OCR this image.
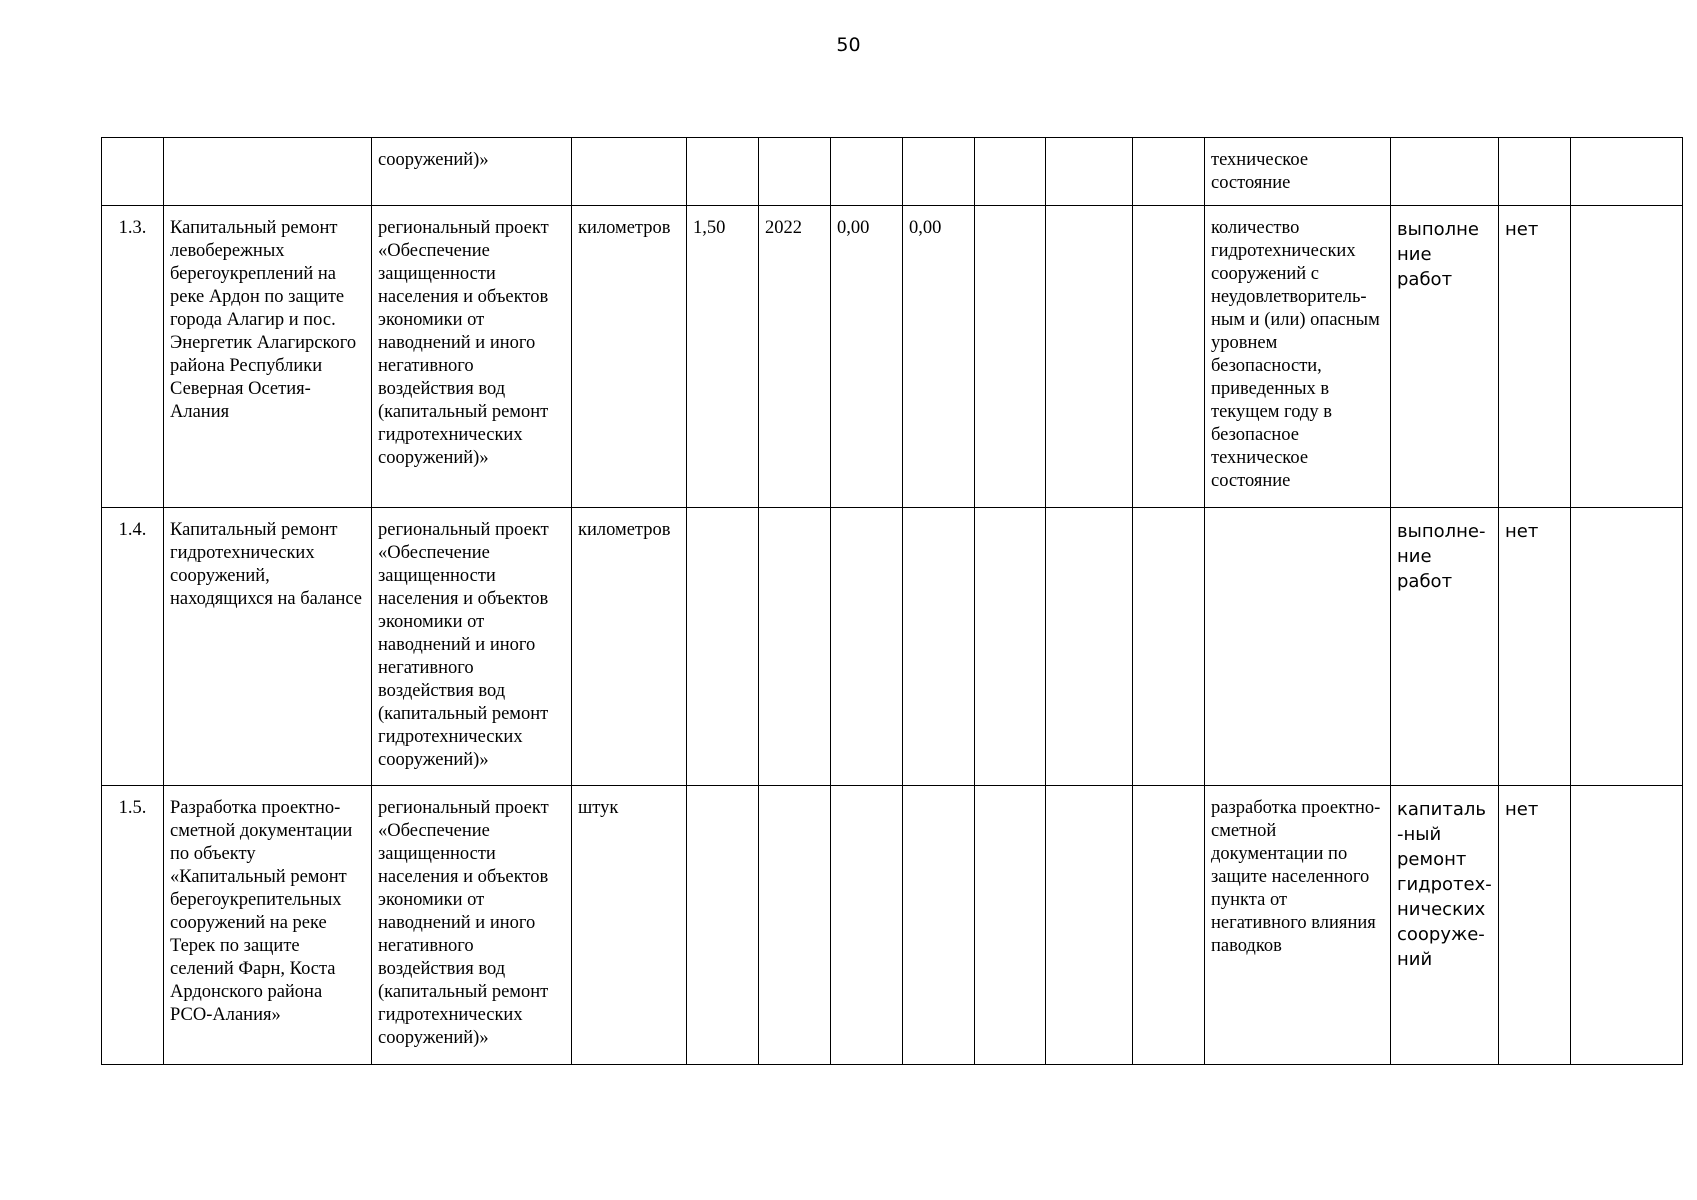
50
		сооружений)»									техническое
состояние			
1.3.	Капитальный ремонт левобережных берегоукреплений на реке Ардон по защите города Алагир и пос. Энергетик Алагирского района Республики Северная Осетия-Алания	региональный проект «Обеспечение защищенности населения и объектов экономики от наводнений и иного негативного воздействия вод (капитальный ремонт гидротехнических сооружений)»	километров	1,50	2022	0,00	0,00				количество гидротехнических сооружений с неудовлетворитель-ным и (или) опасным уровнем безопасности, приведенных в текущем году в безопасное техническое состояние	выполне ние работ	нет	
1.4.	Капитальный ремонт гидротехнических сооружений, находящихся на балансе	региональный проект «Обеспечение защищенности населения и объектов экономики от наводнений и иного негативного воздействия вод (капитальный ремонт гидротехнических сооружений)»	километров									выполне-ние работ	нет	
1.5.	Разработка проектно-сметной документации по объекту «Капитальный ремонт берегоукрепительных сооружений на реке Терек по защите селений Фарн, Коста Ардонского района РСО-Алания»	региональный проект «Обеспечение защищенности населения и объектов экономики от наводнений и иного негативного воздействия вод (капитальный ремонт гидротехнических сооружений)»	штук								разработка проектно-сметной документации по защите населенного пункта от негативного влияния паводков	капиталь-ный ремонт гидротех-нических сооруже-ний	нет	
